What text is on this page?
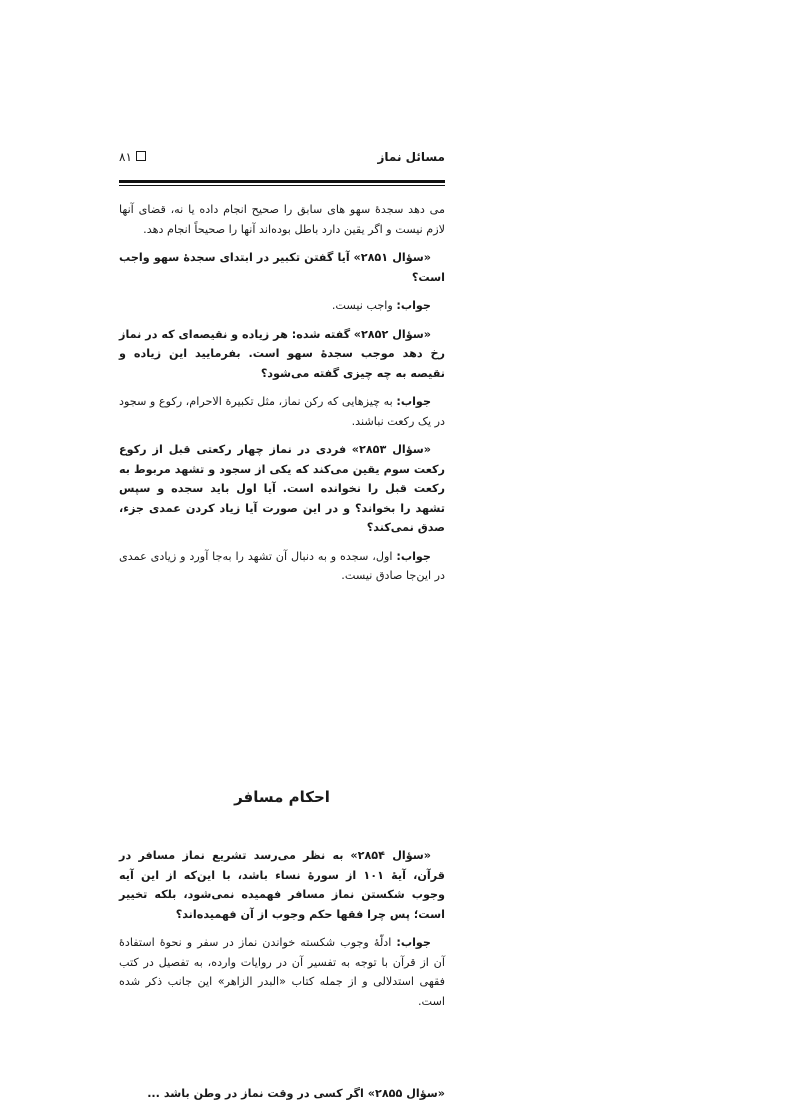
مسائل نماز
۸۱

می دهد سجدۀ سهو های سابق را صحیح انجام داده یا نه، قضای آنها لازم نیست و اگر یقین دارد باطل بوده‌اند آنها را صحیحاً انجام دهد.

«سؤال ۲۸۵۱» آیا گفتن تکبیر در ابتدای سجدۀ سهو واجب است؟

جواب: واجب نیست.

«سؤال ۲۸۵۲» گفته شده: هر زیاده و نقیصه‌ای که در نماز رخ دهد موجب سجدۀ سهو است. بفرمایید این زیاده و نقیصه به چه چیزی گفته می‌شود؟

جواب: به چیزهایی که رکن نماز، مثل تکبیرة الاحرام، رکوع و سجود در یک رکعت نباشند.

«سؤال ۲۸۵۳» فردی در نماز چهار رکعتی قبل از رکوع رکعت سوم یقین می‌کند که یکی از سجود و تشهد مربوط به رکعت قبل را نخوانده است. آیا اول باید سجده و سپس تشهد را بخواند؟ و در این صورت آیا زیاد کردن عمدی جزء، صدق نمی‌کند؟

جواب: اول، سجده و به دنبال آن تشهد را به‌جا آورد و زیادی عمدی در این‌جا صادق نیست.

احکام مسافر

«سؤال ۲۸۵۴» به نظر می‌رسد تشریع نماز مسافر در قرآن، آیۀ ۱۰۱ از سورۀ نساء باشد، با این‌که از این آیه وجوب شکستن نماز مسافر فهمیده نمی‌شود، بلکه تخییر است؛ پس چرا فقها حکم وجوب از آن فهمیده‌اند؟

جواب: ادلّۀ وجوب شکسته خواندن نماز در سفر و نحوۀ استفادۀ آن از قرآن با توجه به تفسیر آن در روایات وارده، به تفصیل در کتب فقهی استدلالی و از جمله کتاب «البدر الزاهر» این جانب ذکر شده است.

«سؤال ۲۸۵۵» اگر کسی در وقت نماز در وطن باشد ...
